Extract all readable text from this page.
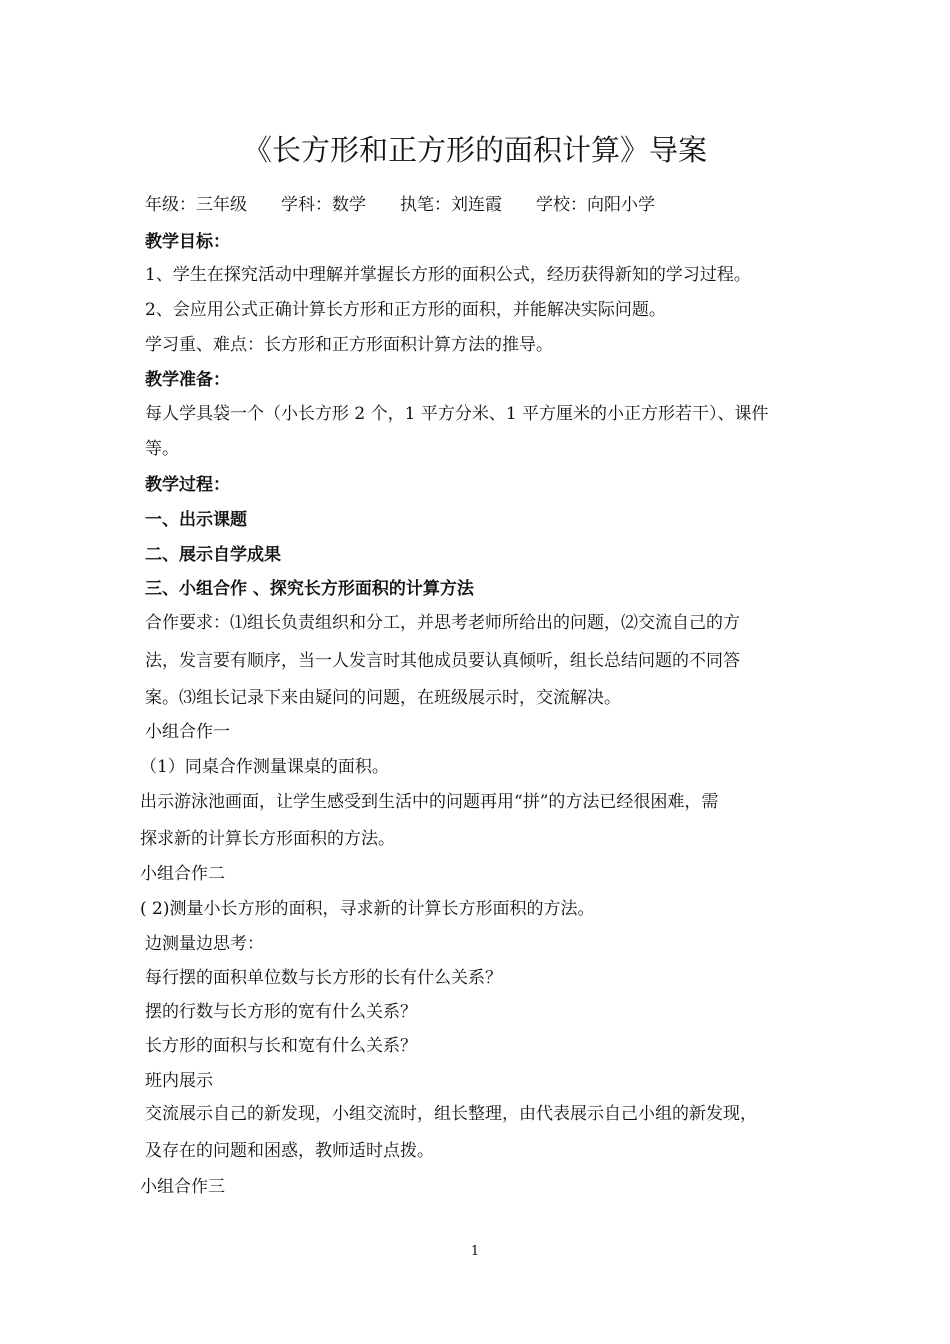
《长方形和正方形的面积计算》导案
年级：三年级 学科：数学 执笔：刘连霞 学校：向阳小学
教学目标：
1、学生在探究活动中理解并掌握长方形的面积公式，经历获得新知的学习过程。
2、会应用公式正确计算长方形和正方形的面积，并能解决实际问题。
学习重、难点：长方形和正方形面积计算方法的推导。
教学准备：
每人学具袋一个（小长方形 2 个，1 平方分米、1 平方厘米的小正方形若干）、课件
等。
教学过程：
一、出示课题
二、展示自学成果
三、小组合作 、探究长方形面积的计算方法
合作要求：⑴组长负责组织和分工，并思考老师所给出的问题，⑵交流自己的方
法，发言要有顺序，当一人发言时其他成员要认真倾听，组长总结问题的不同答
案。⑶组长记录下来由疑问的问题，在班级展示时，交流解决。
小组合作一
（1）同桌合作测量课桌的面积。
出示游泳池画面，让学生感受到生活中的问题再用“拼”的方法已经很困难，需
探求新的计算长方形面积的方法。
小组合作二
( 2)测量小长方形的面积，寻求新的计算长方形面积的方法。
边测量边思考：
每行摆的面积单位数与长方形的长有什么关系？
摆的行数与长方形的宽有什么关系？
长方形的面积与长和宽有什么关系？
班内展示
交流展示自己的新发现，小组交流时，组长整理，由代表展示自己小组的新发现，
及存在的问题和困惑，教师适时点拨。
小组合作三
1
